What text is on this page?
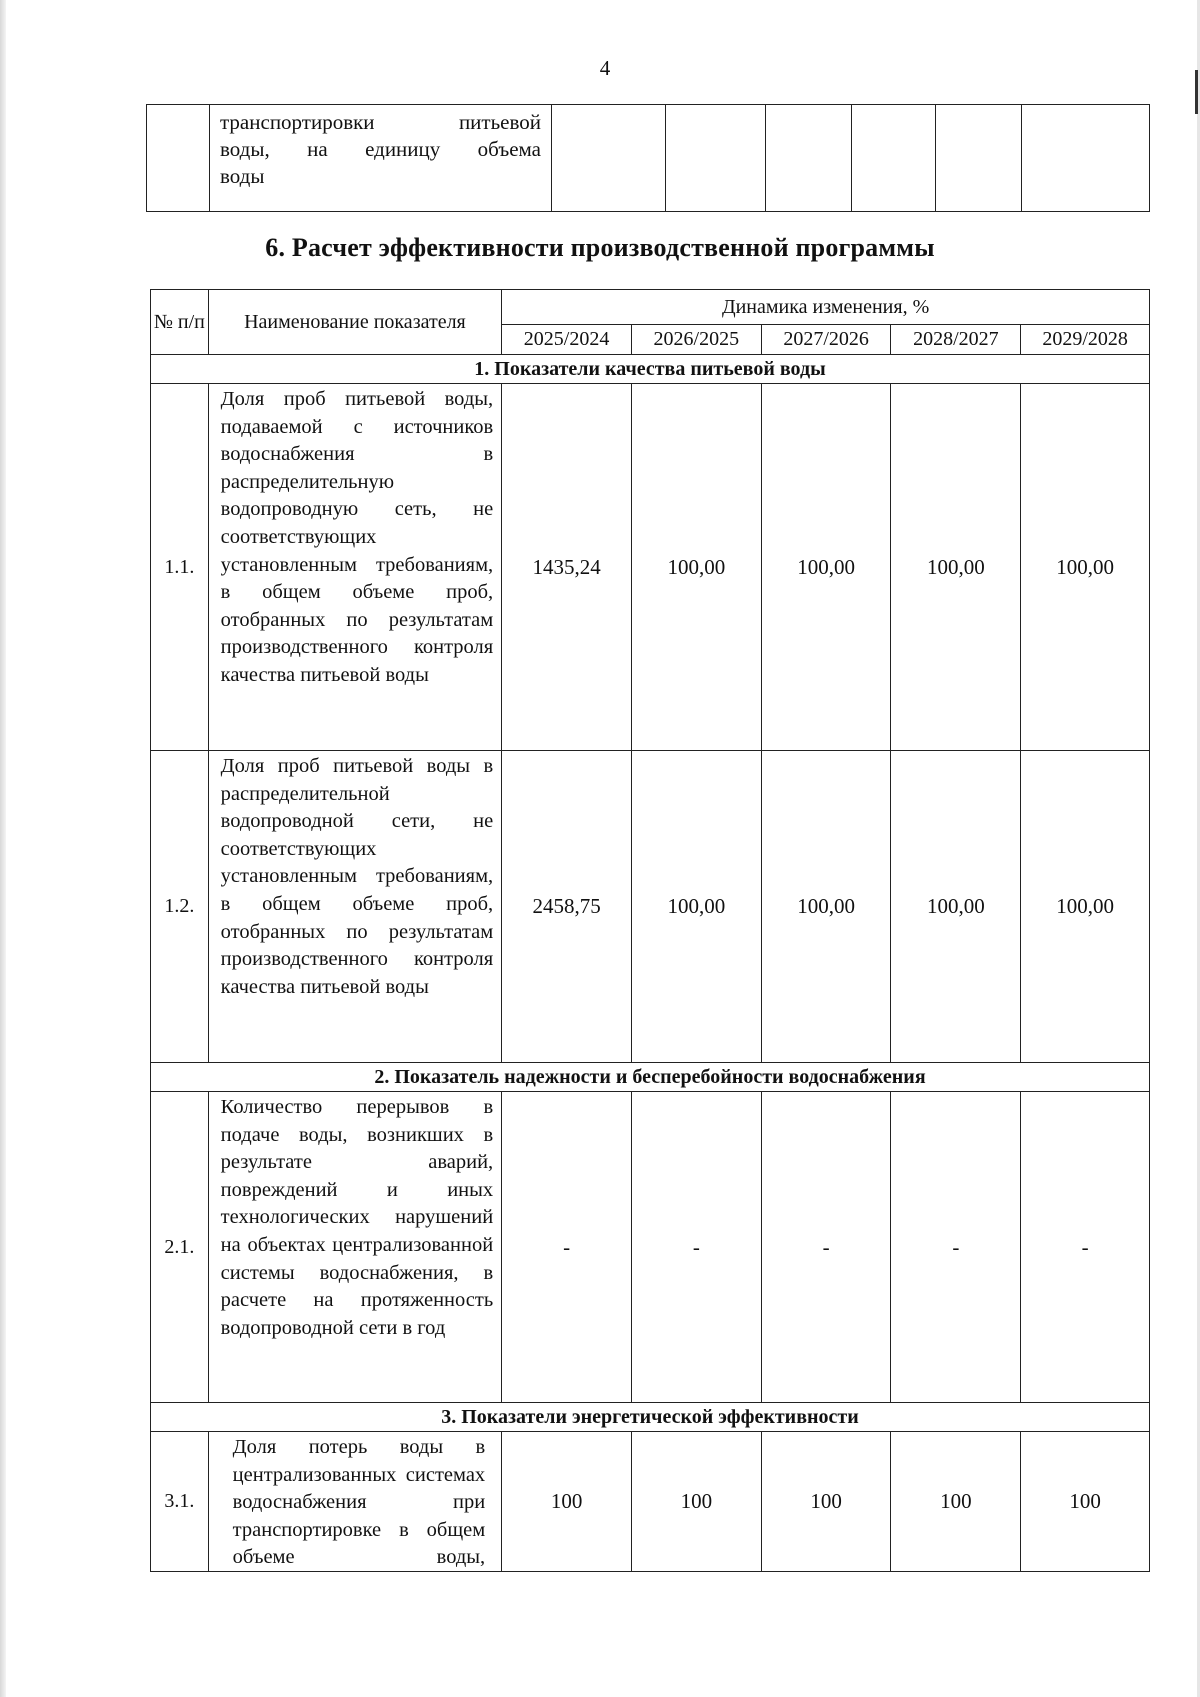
4

транспортировки питьевой
воды, на единицу объема
воды

6. Расчет эффективности производственной программы
№ п/п	Наименование показателя	Динамика изменения, %				
		2025/2024	2026/2025	2027/2026	2028/2027	2029/2028
1. Показатели качества питьевой воды						
1.1.	Доля проб питьевой воды, подаваемой с источников водоснабжения в распределительную водопроводную сеть, не соответствующих установленным требованиям, в общем объеме проб, отобранных по результатам производственного контроля качества питьевой воды	1435,24	100,00	100,00	100,00	100,00
1.2.	Доля проб питьевой воды в распределительной водопроводной сети, не соответствующих установленным требованиям, в общем объеме проб, отобранных по результатам производственного контроля качества питьевой воды	2458,75	100,00	100,00	100,00	100,00
2. Показатель надежности и бесперебойности водоснабжения						
2.1.	Количество перерывов в подаче воды, возникших в результате аварий, повреждений и иных технологических нарушений на объектах централизованной системы водоснабжения, в расчете на протяженность водопроводной сети в год	-	-	-	-	-
3. Показатели энергетической эффективности						
3.1.	Доля потерь воды в централизованных системах водоснабжения при транспортировке в общем объеме воды,	100	100	100	100	100
